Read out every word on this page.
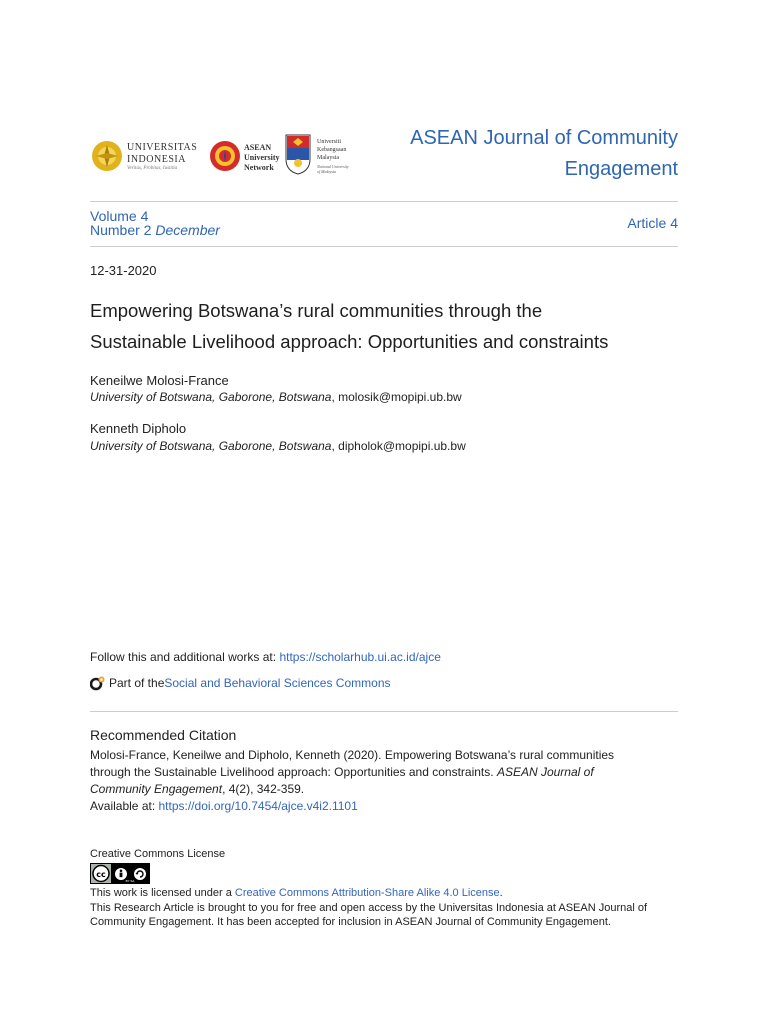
UNIVERSITAS
INDONESIA
Veritas, Probitas, Iustitia
ASEAN
University
Network
Universiti
Kebangsaan
Malaysia
National University
of Malaysia
ASEAN Journal of Community
Engagement
Volume 4
Number 2 December	Article 4
12-31-2020
Empowering Botswana’s rural communities through the
Sustainable Livelihood approach: Opportunities and constraints
Keneilwe Molosi-France
University of Botswana, Gaborone, Botswana, molosik@mopipi.ub.bw
Kenneth Dipholo
University of Botswana, Gaborone, Botswana, dipholok@mopipi.ub.bw
Follow this and additional works at: https://scholarhub.ui.ac.id/ajce
Part of the Social and Behavioral Sciences Commons
Recommended Citation
Molosi-France, Keneilwe and Dipholo, Kenneth (2020). Empowering Botswana’s rural communities
through the Sustainable Livelihood approach: Opportunities and constraints. ASEAN Journal of
Community Engagement, 4(2), 342-359.
Available at: https://doi.org/10.7454/ajce.v4i2.1101
Creative Commons License
cc
BY SA
This work is licensed under a Creative Commons Attribution-Share Alike 4.0 License.
This Research Article is brought to you for free and open access by the Universitas Indonesia at ASEAN Journal of
Community Engagement. It has been accepted for inclusion in ASEAN Journal of Community Engagement.
